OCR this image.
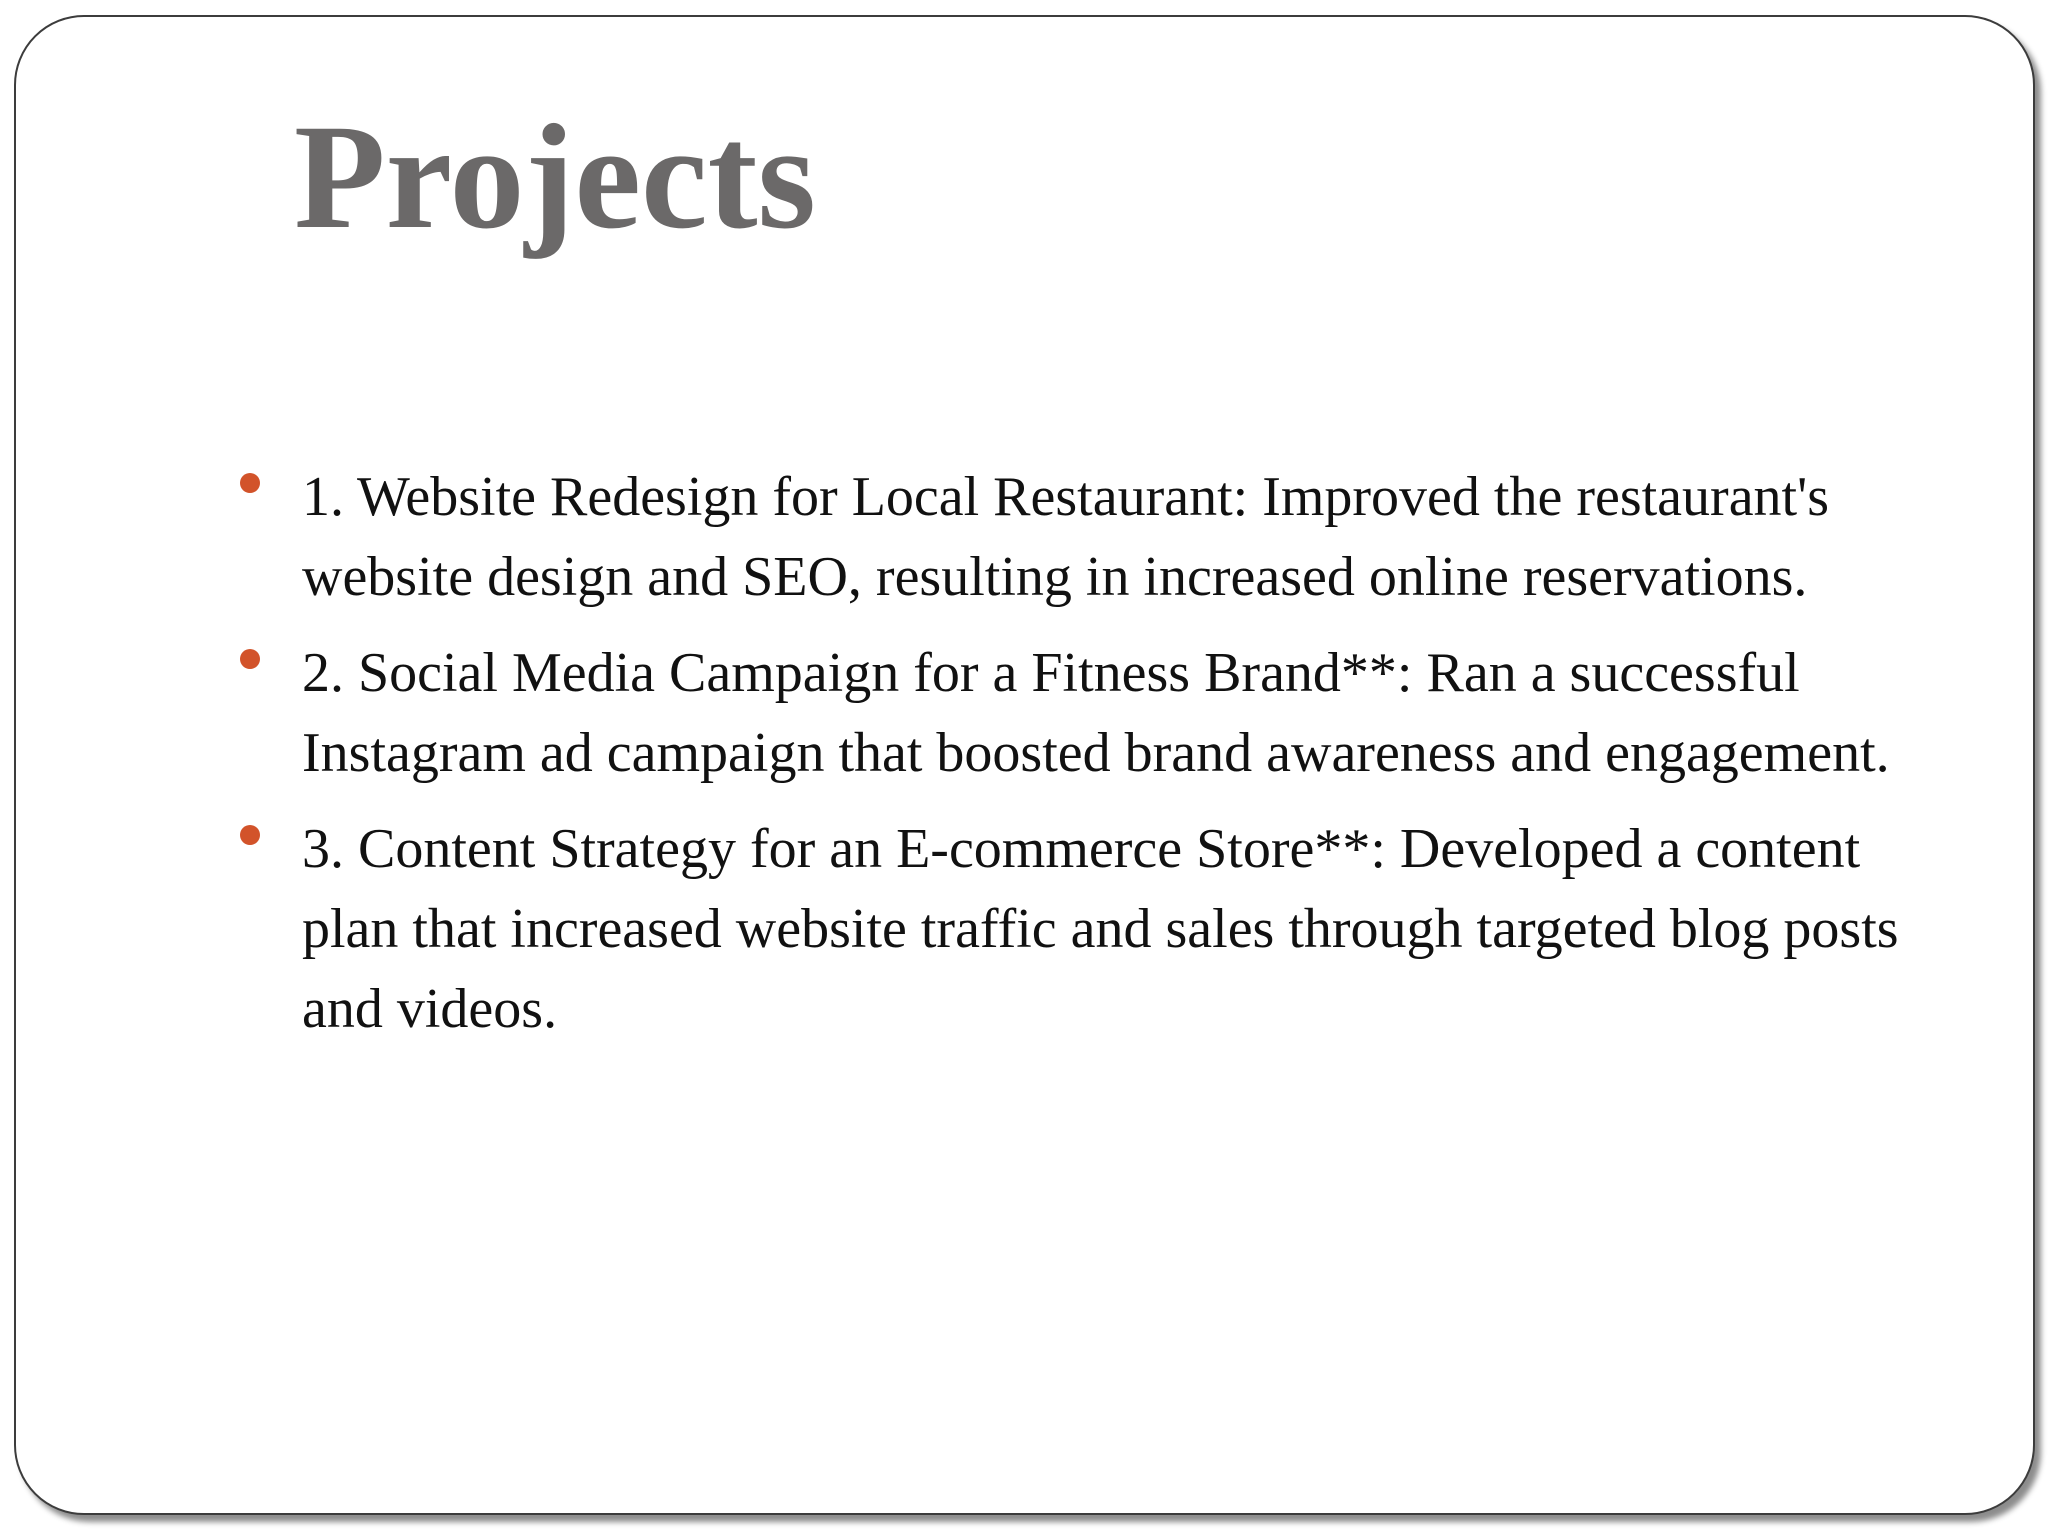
Projects
1. Website Redesign for Local Restaurant: Improved the restaurant's website design and SEO, resulting in increased online reservations.
2. Social Media Campaign for a Fitness Brand**: Ran a successful Instagram ad campaign that boosted brand awareness and engagement.
3. Content Strategy for an E-commerce Store**: Developed a content plan that increased website traffic and sales through targeted blog posts and videos.
